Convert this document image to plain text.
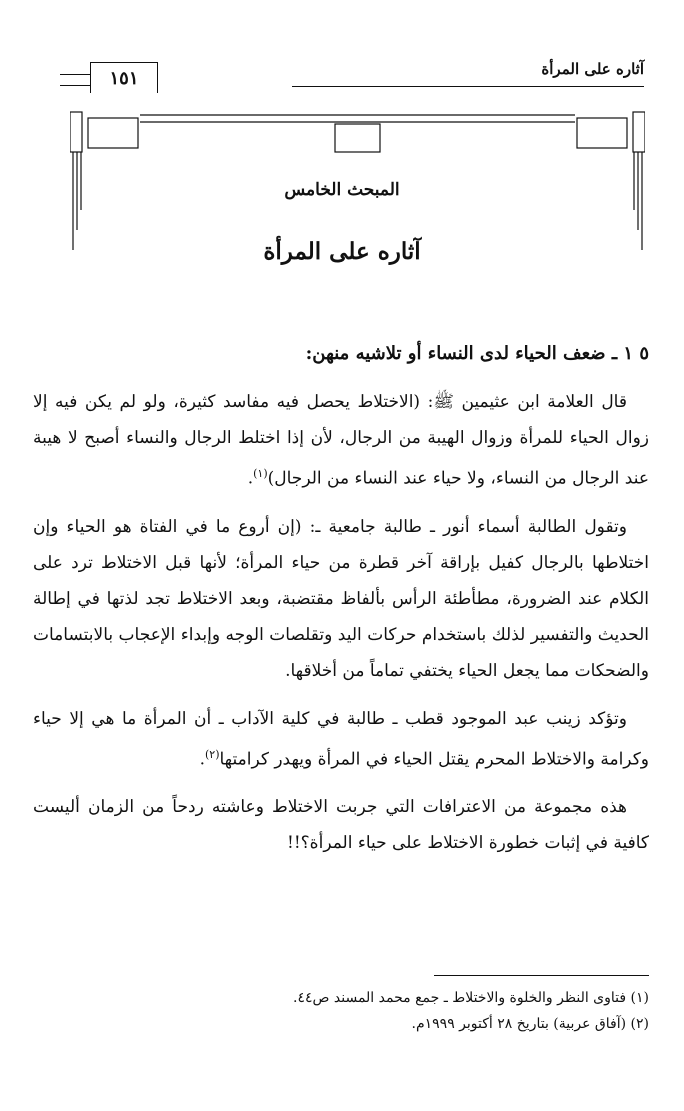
آثاره على المرأة
١٥١
المبحث الخامس
آثاره على المرأة

٥ ١ ـ ضعف الحياء لدى النساء أو تلاشيه منهن:

قال العلامة ابن عثيمين ﷺ: (الاختلاط يحصل فيه مفاسد كثيرة، ولو لم يكن فيه إلا زوال الحياء للمرأة وزوال الهيبة من الرجال، لأن إذا اختلط الرجال والنساء أصبح لا هيبة عند الرجال من النساء، ولا حياء عند النساء من الرجال)$^{(١)}$.

وتقول الطالبة أسماء أنور ـ طالبة جامعية ـ: (إن أروع ما في الفتاة هو الحياء وإن اختلاطها بالرجال كفيل بإراقة آخر قطرة من حياء المرأة؛ لأنها قبل الاختلاط ترد على الكلام عند الضرورة، مطأطئة الرأس بألفاظ مقتضبة، وبعد الاختلاط تجد لذتها في إطالة الحديث والتفسير لذلك باستخدام حركات اليد وتقلصات الوجه وإبداء الإعجاب بالابتسامات والضحكات مما يجعل الحياء يختفي تماماً من أخلاقها.

وتؤكد زينب عبد الموجود قطب ـ طالبة في كلية الآداب ـ أن المرأة ما هي إلا حياء وكرامة والاختلاط المحرم يقتل الحياء في المرأة ويهدر كرامتها$^{(٢)}$.

هذه مجموعة من الاعترافات التي جربت الاختلاط وعاشته ردحاً من الزمان أليست كافية في إثبات خطورة الاختلاط على حياء المرأة؟!!

(١) فتاوى النظر والخلوة والاختلاط ـ جمع محمد المسند ص٤٤.

(٢) (آفاق عربية) بتاريخ ٢٨ أكتوبر ١٩٩٩م.
